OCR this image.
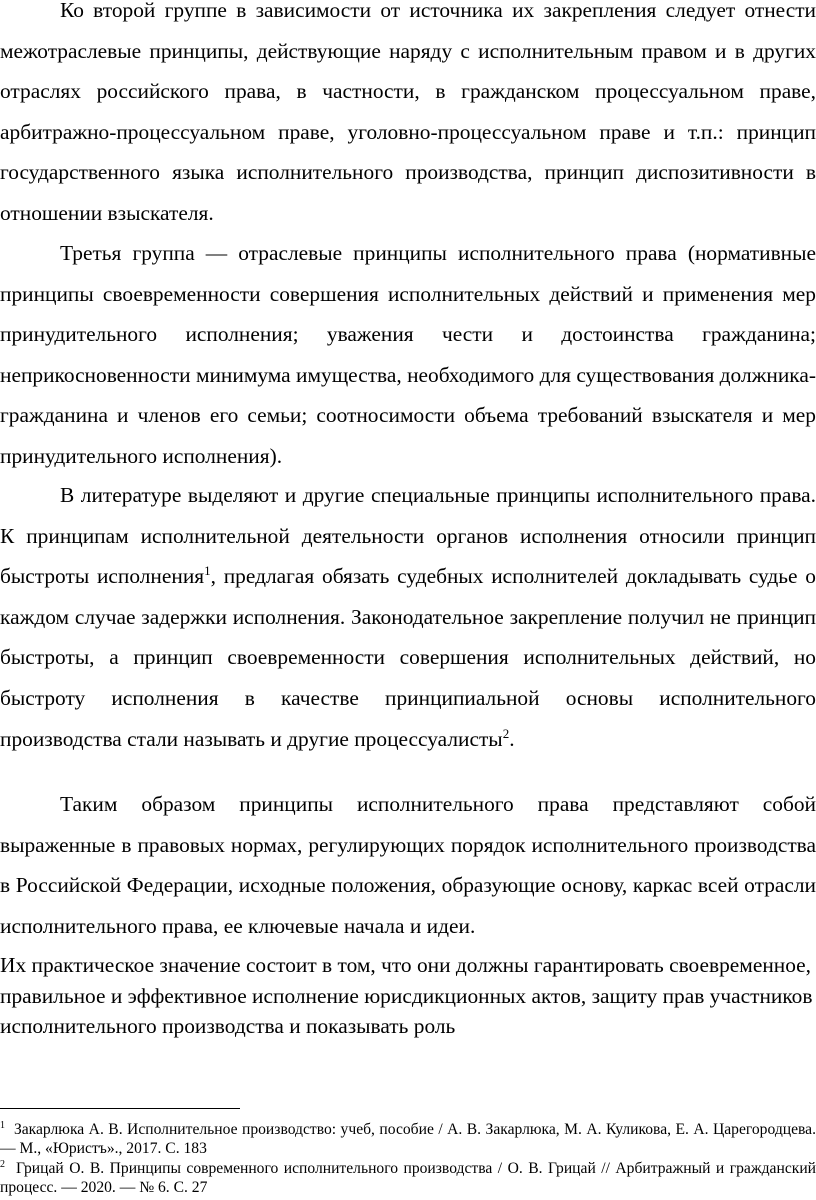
Ко второй группе в зависимости от источника их закрепления следует отнести межотраслевые принципы, действующие наряду с исполнительным правом и в других отраслях российского права, в частности, в гражданском процессуальном праве, арбитражно-процессуальном праве, уголовно-процессуальном праве и т.п.: принцип государственного языка исполнительного производства, принцип диспозитивности в отношении взыскателя.

Третья группа — отраслевые принципы исполнительного права (нормативные принципы своевременности совершения исполнительных действий и применения мер принудительного исполнения; уважения чести и достоинства гражданина; неприкосновенности минимума имущества, необходимого для существования должника-гражданина и членов его семьи; соотносимости объема требований взыскателя и мер принудительного исполнения).

В литературе выделяют и другие специальные принципы исполнительного права. К принципам исполнительной деятельности органов исполнения относили принцип быстроты исполнения$^1$, предлагая обязать судебных исполнителей докладывать судье о каждом случае задержки исполнения. Законодательное закрепление получил не принцип быстроты, а принцип своевременности совершения исполнительных действий, но быстроту исполнения в качестве принципиальной основы исполнительного производства стали называть и другие процессуалисты$^2$.

Таким образом принципы исполнительного права представляют собой выраженные в правовых нормах, регулирующих порядок исполнительного производства в Российской Федерации, исходные положения, образующие основу, каркас всей отрасли исполнительного права, ее ключевые начала и идеи.

Их практическое значение состоит в том, что они должны гарантировать своевременное, правильное и эффективное исполнение юрисдикционных актов, защиту прав участников исполнительного производства и показывать роль

$^1$ Закарлюка А. В. Исполнительное производство: учеб, пособие / А. В. Закарлюка, М. А. Куликова, Е. А. Царегородцева. — М., «Юристъ»., 2017. С. 183

$^2$ Грицай О. В. Принципы современного исполнительного производства / О. В. Грицай // Арбитражный и гражданский процесс. — 2020. — № 6. С. 27
